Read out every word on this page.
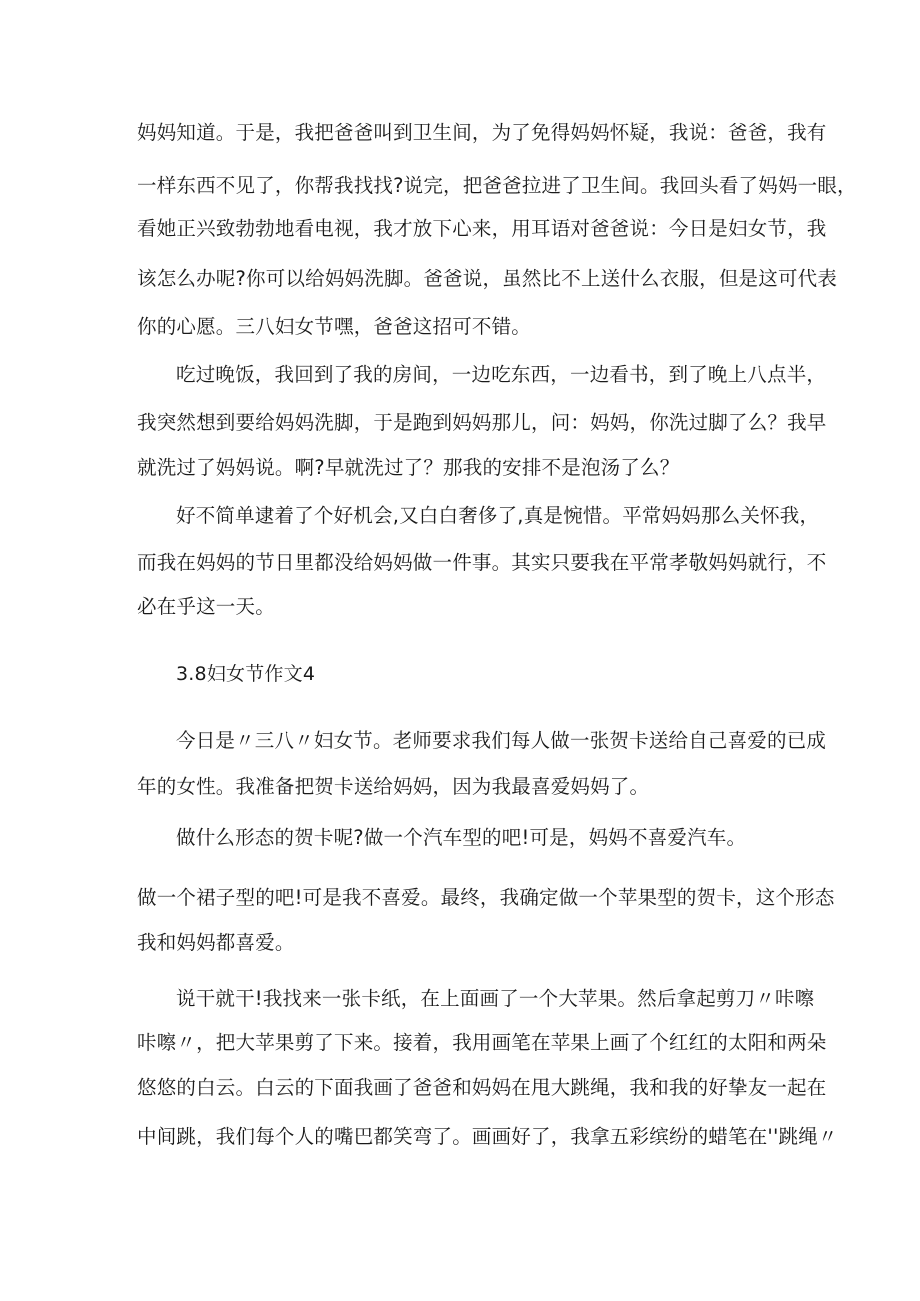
妈妈知道。于是，我把爸爸叫到卫生间，为了免得妈妈怀疑，我说：爸爸，我有
一样东西不见了，你帮我找找?说完，把爸爸拉进了卫生间。我回头看了妈妈一眼，
看她正兴致勃勃地看电视，我才放下心来，用耳语对爸爸说：今日是妇女节，我
该怎么办呢?你可以给妈妈洗脚。爸爸说，虽然比不上送什么衣服，但是这可代表
你的心愿。三八妇女节嘿，爸爸这招可不错。
吃过晚饭，我回到了我的房间，一边吃东西，一边看书，到了晚上八点半，
我突然想到要给妈妈洗脚，于是跑到妈妈那儿，问：妈妈，你洗过脚了么？我早
就洗过了妈妈说。啊?早就洗过了？那我的安排不是泡汤了么？
好不简单逮着了个好机会,又白白奢侈了,真是惋惜。平常妈妈那么关怀我，
而我在妈妈的节日里都没给妈妈做一件事。其实只要我在平常孝敬妈妈就行，不
必在乎这一天。
3.8妇女节作文4
今日是〃三八〃妇女节。老师要求我们每人做一张贺卡送给自己喜爱的已成
年的女性。我准备把贺卡送给妈妈，因为我最喜爱妈妈了。
做什么形态的贺卡呢?做一个汽车型的吧!可是，妈妈不喜爱汽车。
做一个裙子型的吧!可是我不喜爱。最终，我确定做一个苹果型的贺卡，这个形态
我和妈妈都喜爱。
说干就干!我找来一张卡纸，在上面画了一个大苹果。然后拿起剪刀〃咔嚓
咔嚓〃，把大苹果剪了下来。接着，我用画笔在苹果上画了个红红的太阳和两朵
悠悠的白云。白云的下面我画了爸爸和妈妈在甩大跳绳，我和我的好挚友一起在
中间跳，我们每个人的嘴巴都笑弯了。画画好了，我拿五彩缤纷的蜡笔在''跳绳〃
